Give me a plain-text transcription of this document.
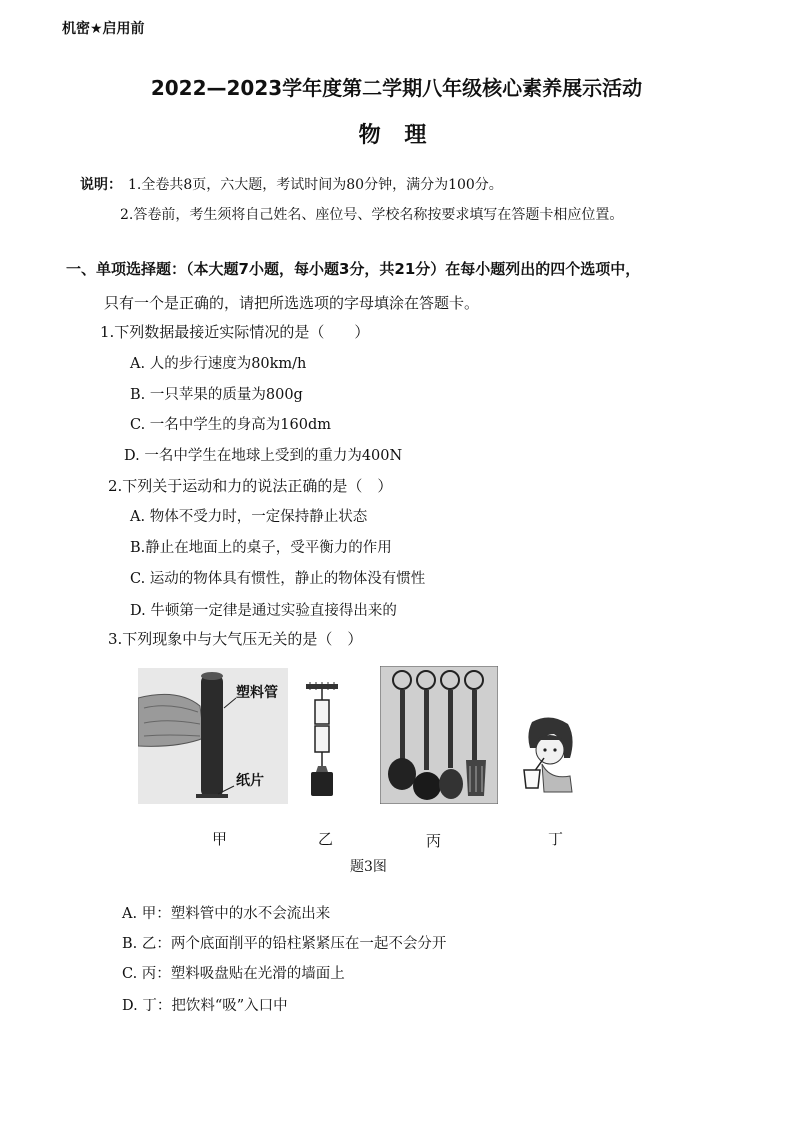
机密★启用前
2022—2023学年度第二学期八年级核心素养展示活动
物 理
说明： 1.全卷共8页，六大题，考试时间为80分钟，满分为100分。
2.答卷前，考生须将自己姓名、座位号、学校名称按要求填写在答题卡相应位置。
一、单项选择题：（本大题7小题，每小题3分，共21分）在每小题列出的四个选项中，
只有一个是正确的，请把所选选项的字母填涂在答题卡。
1.下列数据最接近实际情况的是（　　）
A. 人的步行速度为80km/h
B. 一只苹果的质量为800g
C. 一名中学生的身高为160dm
D. 一名中学生在地球上受到的重力为400N
2.下列关于运动和力的说法正确的是（　）
A. 物体不受力时，一定保持静止状态
B.静止在地面上的桌子，受平衡力的作用
C. 运动的物体具有惯性，静止的物体没有惯性
D. 牛顿第一定律是通过实验直接得出来的
3.下列现象中与大气压无关的是（　）
塑料管
纸片
甲	乙	丙	丁
题3图
A. 甲：塑料管中的水不会流出来
B. 乙：两个底面削平的铅柱紧紧压在一起不会分开
C. 丙：塑料吸盘贴在光滑的墙面上
D. 丁：把饮料“吸”入口中
